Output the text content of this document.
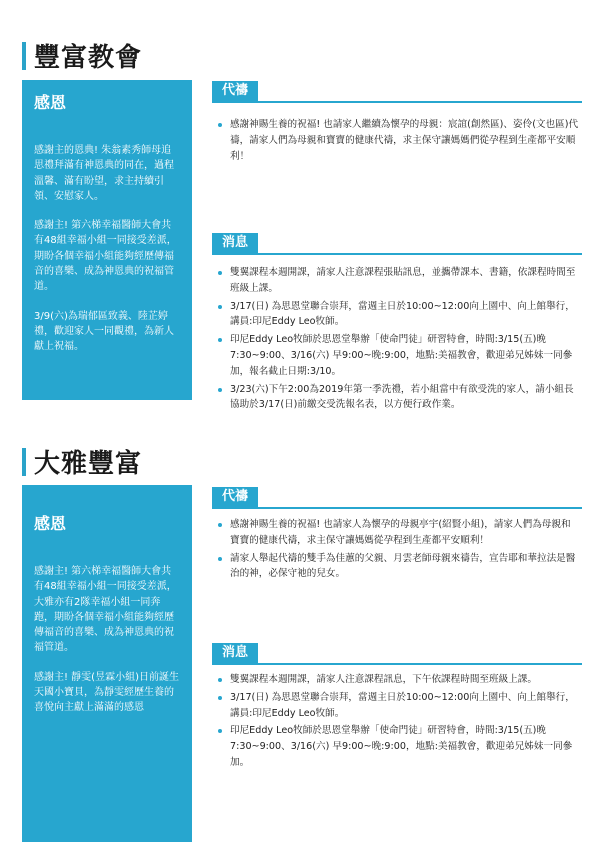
豐富教會
感恩

感謝主的恩典! 朱翁素秀師母追思禮拜滿有神恩典的同在，過程溫馨、滿有盼望，求主持續引領、安慰家人。

感謝主! 第六梯幸福醫師大會共有48組幸福小組一同接受差派，期盼各個幸福小組能夠經歷傳福音的喜樂、成為神恩典的祝福管道。

3/9(六)為瑞郁區致義、陸芷婷禮，歡迎家人一同觀禮，為新人獻上祝福。

代禱
感謝神賜生養的祝福! 也請家人繼續為懷孕的母親：宸誼(創然區)、姿伶(文也區)代禱，請家人們為母親和寶寶的健康代禱，求主保守讓媽媽們從孕程到生產都平安順利！
消息
雙翼課程本週開課，請家人注意課程張貼訊息，並攜帶課本、書籍，依課程時間至班級上課。
3/17(日) 為思恩堂聯合崇拜，當週主日於10:00~12:00向上園中、向上館舉行，講員:印尼Eddy Leo牧師。
印尼Eddy Leo牧師於思恩堂舉辦「使命門徒」研習特會，時間:3/15(五)晚7:30~9:00、3/16(六) 早9:00~晚:9:00，地點:美福教會，歡迎弟兄姊妹一同參加，報名截止日期:3/10。
3/23(六)下午2:00為2019年第一季洗禮，若小組當中有欲受洗的家人，請小組長協助於3/17(日)前繳交受洗報名表，以方便行政作業。
大雅豐富
感恩

感謝主! 第六梯幸福醫師大會共有48組幸福小組一同接受差派，大雅亦有2隊幸福小組一同奔跑，期盼各個幸福小組能夠經歷傳福音的喜樂、成為神恩典的祝福管道。

感謝主! 靜雯(昱霖小組)日前誕生天國小寶貝，為靜雯經歷生養的喜悅向主獻上滿滿的感恩

代禱
感謝神賜生養的祝福! 也請家人為懷孕的母親亭宇(紹賢小組)，請家人們為母親和寶寶的健康代禱，求主保守讓媽媽從孕程到生產都平安順利！
請家人舉起代禱的雙手為佳蕙的父親、月雲老師母親來禱告，宣告耶和華拉法是醫治的神，必保守祂的兒女。
消息
雙翼課程本週開課，請家人注意課程訊息，下午依課程時間至班級上課。
3/17(日) 為思恩堂聯合崇拜，當週主日於10:00~12:00向上園中、向上館舉行，講員:印尼Eddy Leo牧師。
印尼Eddy Leo牧師於思恩堂舉辦「使命門徒」研習特會，時間:3/15(五)晚7:30~9:00、3/16(六) 早9:00~晚:9:00，地點:美福教會，歡迎弟兄姊妹一同參加。
